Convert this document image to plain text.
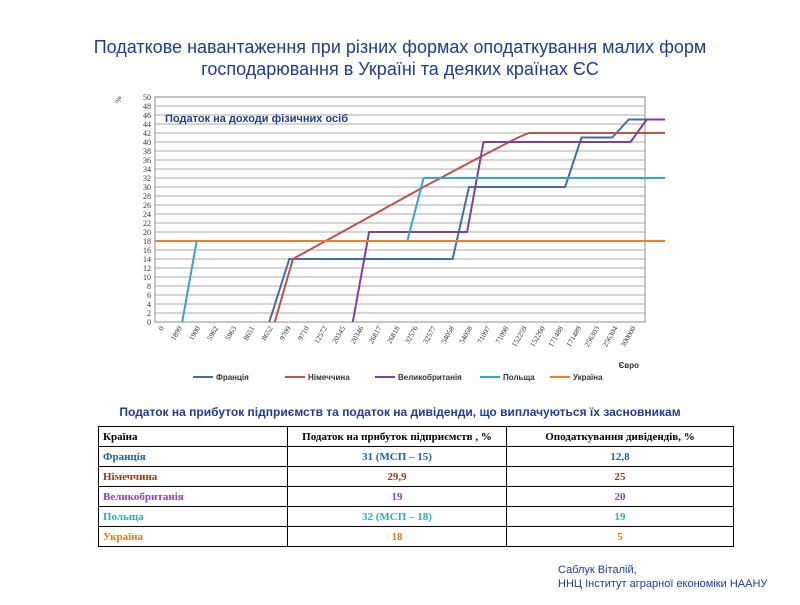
Податкове навантаження при різних формах оподаткування малих форм
господарювання в Україні та деяких країнах ЄС
0
2
4
6
8
10
12
14
16
18
20
22
24
26
28
30
32
34
36
38
40
42
44
46
48
50
%
0 1899 1900 5962 5963 8651 8652 9709 9710 12572 20345 20346 26817 26818 32576 32577 54058 54058 71097 71098 152259 152260 171488 171489 256303 256304 300000
Євро
Податок на доходи фізичних осіб
Франція	Німеччина	Великобританія	Польща	Україна
Податок на прибуток підприємств та податок на дивіденди, що виплачуються їх засновникам
Країна	Податок на прибуток підприємств , %	Оподаткування дивідендів, %
Франція	31 (МСП – 15)	12,8
Німеччина	29,9	25
Великобританія	19	20
Польща	32 (МСП – 18)	19
Україна	18	5
Саблук Віталій,
ННЦ Інститут аграрної економіки НААНУ
